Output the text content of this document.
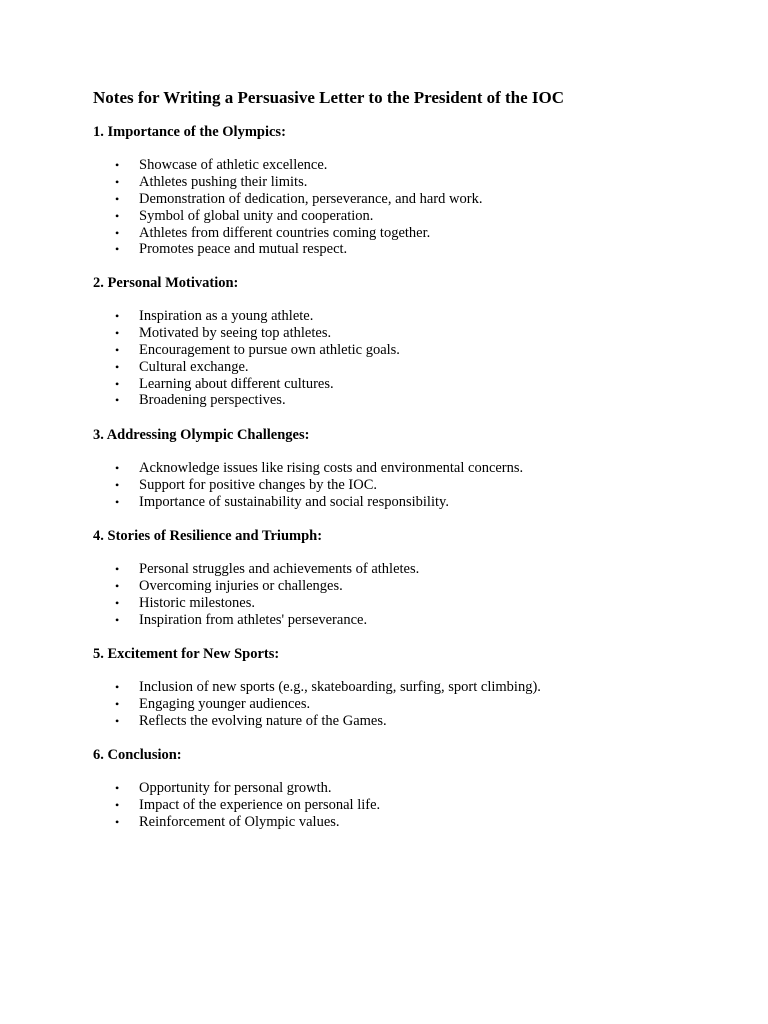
Notes for Writing a Persuasive Letter to the President of the IOC
1. Importance of the Olympics:
•	Showcase of athletic excellence.
•	Athletes pushing their limits.
•	Demonstration of dedication, perseverance, and hard work.
•	Symbol of global unity and cooperation.
•	Athletes from different countries coming together.
•	Promotes peace and mutual respect.
2. Personal Motivation:
•	Inspiration as a young athlete.
•	Motivated by seeing top athletes.
•	Encouragement to pursue own athletic goals.
•	Cultural exchange.
•	Learning about different cultures.
•	Broadening perspectives.
3. Addressing Olympic Challenges:
•	Acknowledge issues like rising costs and environmental concerns.
•	Support for positive changes by the IOC.
•	Importance of sustainability and social responsibility.
4. Stories of Resilience and Triumph:
•	Personal struggles and achievements of athletes.
•	Overcoming injuries or challenges.
•	Historic milestones.
•	Inspiration from athletes' perseverance.
5. Excitement for New Sports:
•	Inclusion of new sports (e.g., skateboarding, surfing, sport climbing).
•	Engaging younger audiences.
•	Reflects the evolving nature of the Games.
6. Conclusion:
•	Opportunity for personal growth.
•	Impact of the experience on personal life.
•	Reinforcement of Olympic values.
